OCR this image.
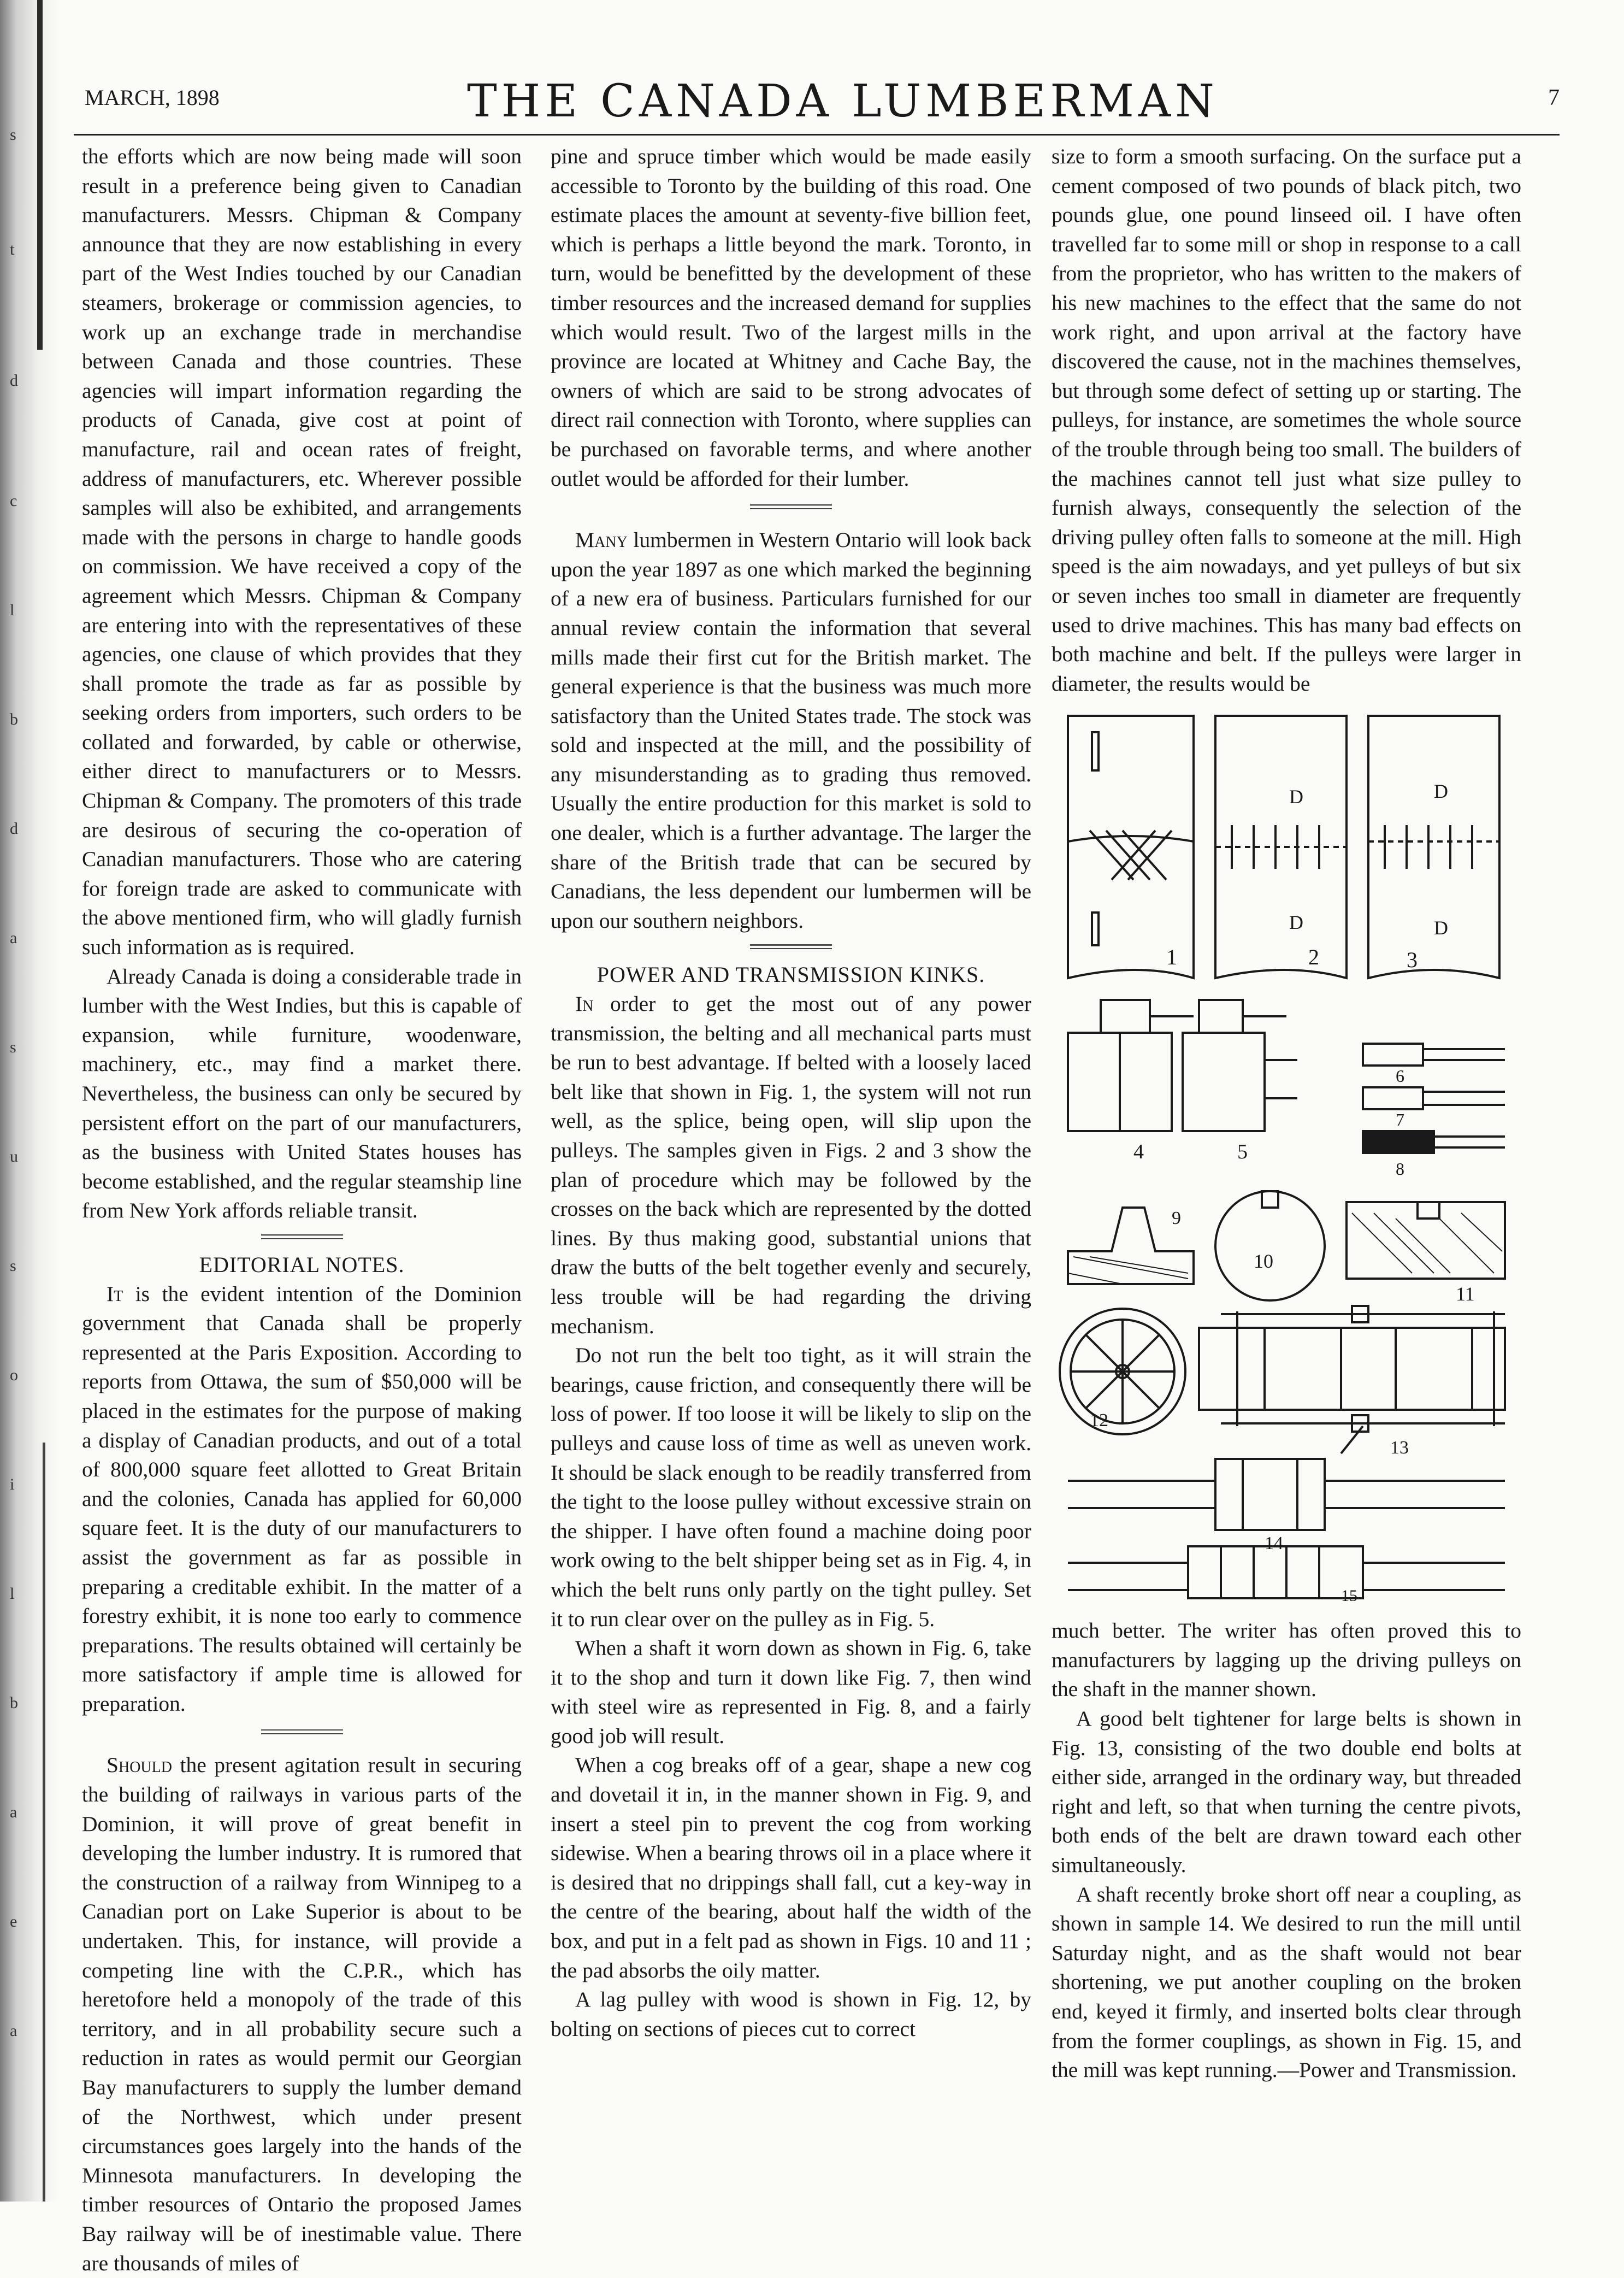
s
t
d
c
l
b
d
a
s
u
s
o
i
l
b
a
e
a
MARCH, 1898	THE CANADA LUMBERMAN	7

the efforts which are now being made will soon result in a preference being given to Canadian manufacturers. Messrs. Chipman & Company announce that they are now establishing in every part of the West Indies touched by our Canadian steamers, brokerage or commission agencies, to work up an exchange trade in merchandise between Canada and those countries. These agencies will impart information regarding the products of Canada, give cost at point of manufacture, rail and ocean rates of freight, address of manufacturers, etc. Wherever possible samples will also be exhibited, and arrangements made with the persons in charge to handle goods on commission. We have received a copy of the agreement which Messrs. Chipman & Company are entering into with the representatives of these agencies, one clause of which provides that they shall promote the trade as far as possible by seeking orders from importers, such orders to be collated and forwarded, by cable or otherwise, either direct to manufacturers or to Messrs. Chipman & Company. The promoters of this trade are desirous of securing the co-operation of Canadian manufacturers. Those who are catering for foreign trade are asked to communicate with the above mentioned firm, who will gladly furnish such information as is required.

Already Canada is doing a considerable trade in lumber with the West Indies, but this is capable of expansion, while furniture, woodenware, machinery, etc., may find a market there. Nevertheless, the business can only be secured by persistent effort on the part of our manufacturers, as the business with United States houses has become established, and the regular steamship line from New York affords reliable transit.

EDITORIAL NOTES.

It is the evident intention of the Dominion government that Canada shall be properly represented at the Paris Exposition. According to reports from Ottawa, the sum of $50,000 will be placed in the estimates for the purpose of making a display of Canadian products, and out of a total of 800,000 square feet allotted to Great Britain and the colonies, Canada has applied for 60,000 square feet. It is the duty of our manufacturers to assist the government as far as possible in preparing a creditable exhibit. In the matter of a forestry exhibit, it is none too early to commence preparations. The results obtained will certainly be more satisfactory if ample time is allowed for preparation.

Should the present agitation result in securing the building of railways in various parts of the Dominion, it will prove of great benefit in developing the lumber industry. It is rumored that the construction of a railway from Winnipeg to a Canadian port on Lake Superior is about to be undertaken. This, for instance, will provide a competing line with the C.P.R., which has heretofore held a monopoly of the trade of this territory, and in all probability secure such a reduction in rates as would permit our Georgian Bay manufacturers to supply the lumber demand of the Northwest, which under present circumstances goes largely into the hands of the Minnesota manufacturers. In developing the timber resources of Ontario the proposed James Bay railway will be of inestimable value. There are thousands of miles of

pine and spruce timber which would be made easily accessible to Toronto by the building of this road. One estimate places the amount at seventy-five billion feet, which is perhaps a little beyond the mark. Toronto, in turn, would be benefitted by the development of these timber resources and the increased demand for supplies which would result. Two of the largest mills in the province are located at Whitney and Cache Bay, the owners of which are said to be strong advocates of direct rail connection with Toronto, where supplies can be purchased on favorable terms, and where another outlet would be afforded for their lumber.

Many lumbermen in Western Ontario will look back upon the year 1897 as one which marked the beginning of a new era of business. Particulars furnished for our annual review contain the information that several mills made their first cut for the British market. The general experience is that the business was much more satisfactory than the United States trade. The stock was sold and inspected at the mill, and the possibility of any misunderstanding as to grading thus removed. Usually the entire production for this market is sold to one dealer, which is a further advantage. The larger the share of the British trade that can be secured by Canadians, the less dependent our lumbermen will be upon our southern neighbors.

POWER AND TRANSMISSION KINKS.

In order to get the most out of any power transmission, the belting and all mechanical parts must be run to best advantage. If belted with a loosely laced belt like that shown in Fig. 1, the system will not run well, as the splice, being open, will slip upon the pulleys. The samples given in Figs. 2 and 3 show the plan of procedure which may be followed by the crosses on the back which are represented by the dotted lines. By thus making good, substantial unions that draw the butts of the belt together evenly and securely, less trouble will be had regarding the driving mechanism.

Do not run the belt too tight, as it will strain the bearings, cause friction, and consequently there will be loss of power. If too loose it will be likely to slip on the pulleys and cause loss of time as well as uneven work. It should be slack enough to be readily transferred from the tight to the loose pulley without excessive strain on the shipper. I have often found a machine doing poor work owing to the belt shipper being set as in Fig. 4, in which the belt runs only partly on the tight pulley. Set it to run clear over on the pulley as in Fig. 5.

When a shaft it worn down as shown in Fig. 6, take it to the shop and turn it down like Fig. 7, then wind with steel wire as represented in Fig. 8, and a fairly good job will result.

When a cog breaks off of a gear, shape a new cog and dovetail it in, in the manner shown in Fig. 9, and insert a steel pin to prevent the cog from working sidewise. When a bearing throws oil in a place where it is desired that no drippings shall fall, cut a key-way in the centre of the bearing, about half the width of the box, and put in a felt pad as shown in Figs. 10 and 11 ; the pad absorbs the oily matter.

A lag pulley with wood is shown in Fig. 12, by bolting on sections of pieces cut to correct

size to form a smooth surfacing. On the surface put a cement composed of two pounds of black pitch, two pounds glue, one pound linseed oil. I have often travelled far to some mill or shop in response to a call from the proprietor, who has written to the makers of his new machines to the effect that the same do not work right, and upon arrival at the factory have discovered the cause, not in the machines themselves, but through some defect of setting up or starting. The pulleys, for instance, are sometimes the whole source of the trouble through being too small. The builders of the machines cannot tell just what size pulley to furnish always, consequently the selection of the driving pulley often falls to someone at the mill. High speed is the aim nowadays, and yet pulleys of but six or seven inches too small in diameter are frequently used to drive machines. This has many bad effects on both machine and belt. If the pulleys were larger in diameter, the results would be

much better. The writer has often proved this to manufacturers by lagging up the driving pulleys on the shaft in the manner shown.

A good belt tightener for large belts is shown in Fig. 13, consisting of the two double end bolts at either side, arranged in the ordinary way, but threaded right and left, so that when turning the centre pivots, both ends of the belt are drawn toward each other simultaneously.

A shaft recently broke short off near a coupling, as shown in sample 14. We desired to run the mill until Saturday night, and as the shaft would not bear shortening, we put another coupling on the broken end, keyed it firmly, and inserted bolts clear through from the former couplings, as shown in Fig. 15, and the mill was kept running.—Power and Transmission.

1
D
D
2
D
D
3
4	5
6
7
8
9
10
11
12
13
14
15
